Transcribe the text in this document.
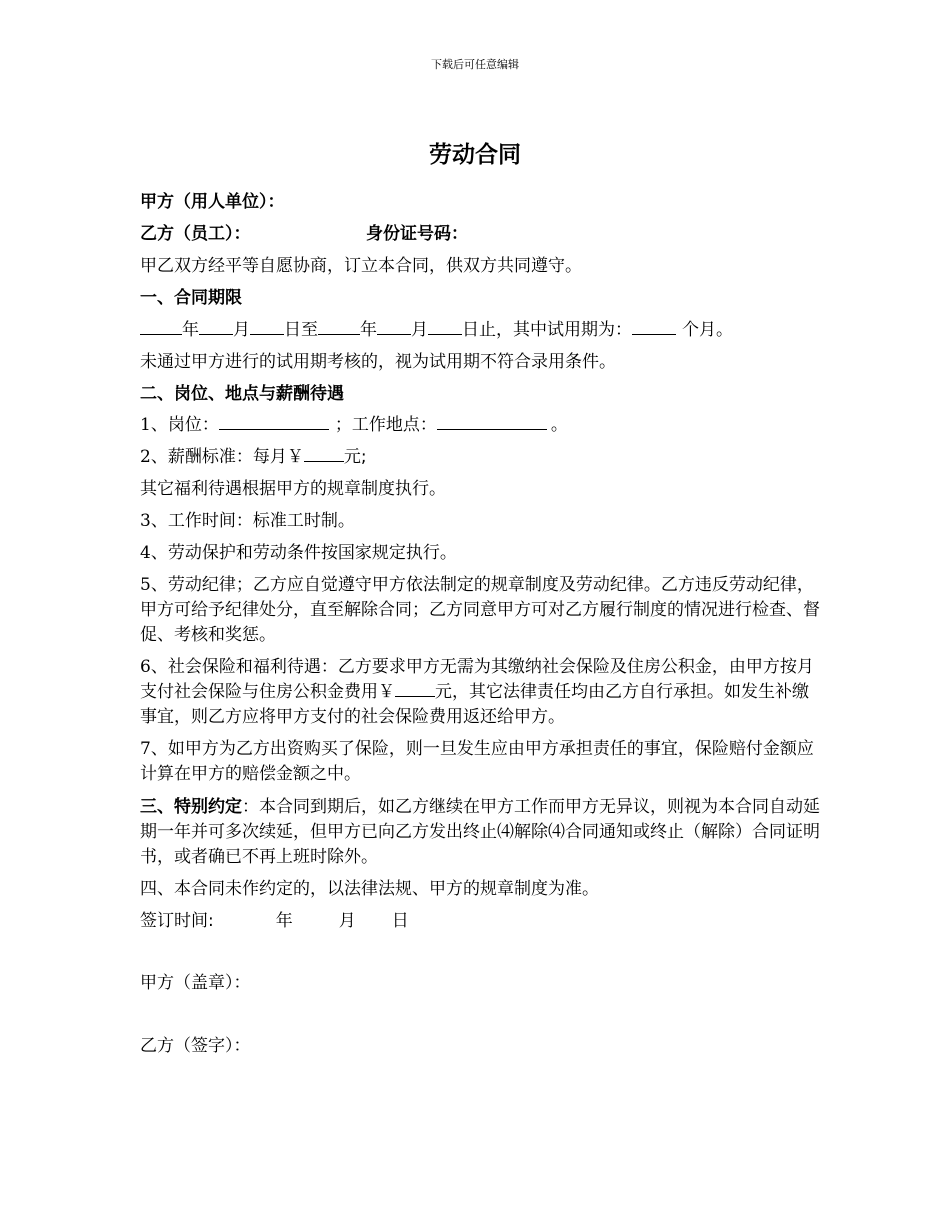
下载后可任意编辑
劳动合同
甲方（用人单位）：
乙方（员工）：	身份证号码：
甲乙双方经平等自愿协商，订立本合同，供双方共同遵守。
一、合同期限
年 月 日至 年 月 日止，其中试用期为：	个月。
未通过甲方进行的试用期考核的，视为试用期不符合录用条件。
二、岗位、地点与薪酬待遇
1、岗位：	；工作地点：	。
2、薪酬标准：每月￥ 元;
其它福利待遇根据甲方的规章制度执行。
3、工作时间：标准工时制。
4、劳动保护和劳动条件按国家规定执行。
5、劳动纪律；乙方应自觉遵守甲方依法制定的规章制度及劳动纪律。乙方违反劳动纪律，甲方可给予纪律处分，直至解除合同；乙方同意甲方可对乙方履行制度的情况进行检查、督促、考核和奖惩。
6、社会保险和福利待遇：乙方要求甲方无需为其缴纳社会保险及住房公积金，由甲方按月支付社会保险与住房公积金费用￥ 元，其它法律责任均由乙方自行承担。如发生补缴事宜，则乙方应将甲方支付的社会保险费用返还给甲方。
7、如甲方为乙方出资购买了保险，则一旦发生应由甲方承担责任的事宜，保险赔付金额应计算在甲方的赔偿金额之中。
三、特别约定：本合同到期后，如乙方继续在甲方工作而甲方无异议，则视为本合同自动延期一年并可多次续延，但甲方已向乙方发出终止⑷解除⑷合同通知或终止（解除）合同证明书，或者确已不再上班时除外。
四、本合同未作约定的，以法律法规、甲方的规章制度为准。
签订时间:	年	月 日
甲方（盖章）：
乙方（签字）：
